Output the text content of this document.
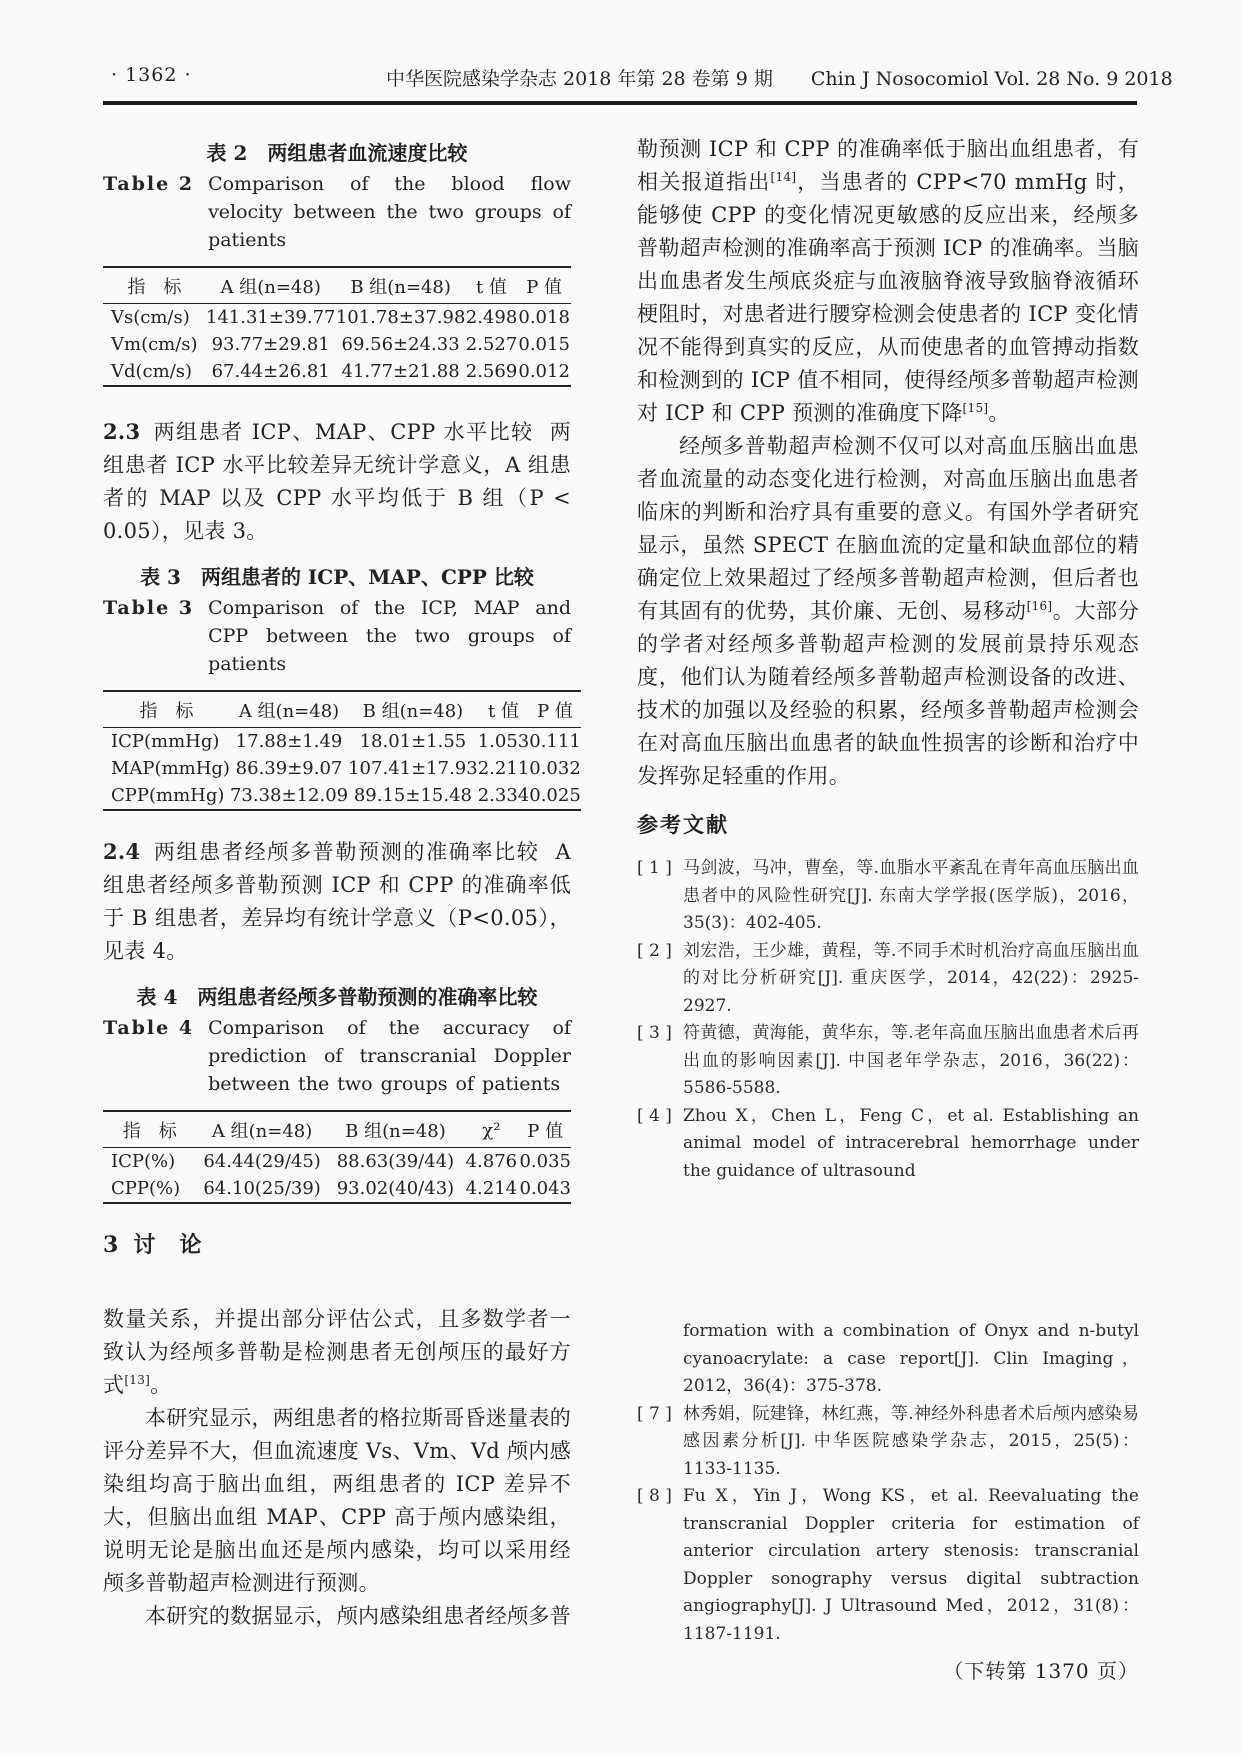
· 1362 ·	中华医院感染学杂志 2018 年第 28 卷第 9 期　　Chin J Nosocomiol Vol. 28 No. 9 2018
表 2　两组患者血流速度比较
Table 2 Comparison of the blood flow velocity between the two groups of patients
指　标	A 组(n=48)	B 组(n=48)	t 值	P 值
Vs(cm/s)	141.31±39.77	101.78±37.98	2.498	0.018
Vm(cm/s)	93.77±29.81	69.56±24.33	2.527	0.015
Vd(cm/s)	67.44±26.81	41.77±21.88	2.569	0.012

2.3 两组患者 ICP、MAP、CPP 水平比较 两组患者 ICP 水平比较差异无统计学意义，A 组患者的 MAP 以及 CPP 水平均低于 B 组（P < 0.05），见表 3。

表 3　两组患者的 ICP、MAP、CPP 比较
Table 3 Comparison of the ICP, MAP and CPP between the two groups of patients
指　标	A 组(n=48)	B 组(n=48)	t 值	P 值
ICP(mmHg)	17.88±1.49	18.01±1.55	1.053	0.111
MAP(mmHg)	86.39±9.07	107.41±17.93	2.211	0.032
CPP(mmHg)	73.38±12.09	89.15±15.48	2.334	0.025

2.4 两组患者经颅多普勒预测的准确率比较 A 组患者经颅多普勒预测 ICP 和 CPP 的准确率低于 B 组患者，差异均有统计学意义（P<0.05），见表 4。

表 4　两组患者经颅多普勒预测的准确率比较
Table 4 Comparison of the accuracy of prediction of transcranial Doppler between the two groups of patients
指　标	A 组(n=48)	B 组(n=48)	χ²	P 值
ICP(%)	64.44(29/45)	88.63(39/44)	4.876	0.035
CPP(%)	64.10(25/39)	93.02(40/43)	4.214	0.043
3 讨　论

勒预测 ICP 和 CPP 的准确率低于脑出血组患者，有相关报道指出[14]，当患者的 CPP<70 mmHg 时，能够使 CPP 的变化情况更敏感的反应出来，经颅多普勒超声检测的准确率高于预测 ICP 的准确率。当脑出血患者发生颅底炎症与血液脑脊液导致脑脊液循环梗阻时，对患者进行腰穿检测会使患者的 ICP 变化情况不能得到真实的反应，从而使患者的血管搏动指数和检测到的 ICP 值不相同，使得经颅多普勒超声检测对 ICP 和 CPP 预测的准确度下降[15]。

经颅多普勒超声检测不仅可以对高血压脑出血患者血流量的动态变化进行检测，对高血压脑出血患者临床的判断和治疗具有重要的意义。有国外学者研究显示，虽然 SPECT 在脑血流的定量和缺血部位的精确定位上效果超过了经颅多普勒超声检测，但后者也有其固有的优势，其价廉、无创、易移动[16]。大部分的学者对经颅多普勒超声检测的发展前景持乐观态度，他们认为随着经颅多普勒超声检测设备的改进、技术的加强以及经验的积累，经颅多普勒超声检测会在对高血压脑出血患者的缺血性损害的诊断和治疗中发挥弥足轻重的作用。

参考文献
[ 1 ] 马剑波，马冲，曹垒，等.血脂水平紊乱在青年高血压脑出血患者中的风险性研究[J]. 东南大学学报(医学版)，2016，35(3)：402-405.
[ 2 ] 刘宏浩，王少雄，黄程，等.不同手术时机治疗高血压脑出血的对比分析研究[J]. 重庆医学，2014，42(22)：2925-2927.
[ 3 ] 符黄德，黄海能，黄华东，等.老年高血压脑出血患者术后再出血的影响因素[J]. 中国老年学杂志，2016，36(22)：5586-5588.
[ 4 ] Zhou X，Chen L，Feng C，et al. Establishing an animal model of intracerebral hemorrhage under the guidance of ultrasound

数量关系，并提出部分评估公式，且多数学者一致认为经颅多普勒是检测患者无创颅压的最好方式[13]。

本研究显示，两组患者的格拉斯哥昏迷量表的评分差异不大，但血流速度 Vs、Vm、Vd 颅内感染组均高于脑出血组，两组患者的 ICP 差异不大，但脑出血组 MAP、CPP 高于颅内感染组，说明无论是脑出血还是颅内感染，均可以采用经颅多普勒超声检测进行预测。

本研究的数据显示，颅内感染组患者经颅多普

formation with a combination of Onyx and n-butyl cyanoacrylate: a case report[J]. Clin Imaging，2012，36(4)：375-378.
[ 7 ] 林秀娟，阮建锋，林红燕，等.神经外科患者术后颅内感染易感因素分析[J]. 中华医院感染学杂志，2015，25(5)：1133-1135.
[ 8 ] Fu X，Yin J，Wong KS，et al. Reevaluating the transcranial Doppler criteria for estimation of anterior circulation artery stenosis: transcranial Doppler sonography versus digital subtraction angiography[J]. J Ultrasound Med，2012，31(8)：1187-1191.
（下转第 1370 页）
